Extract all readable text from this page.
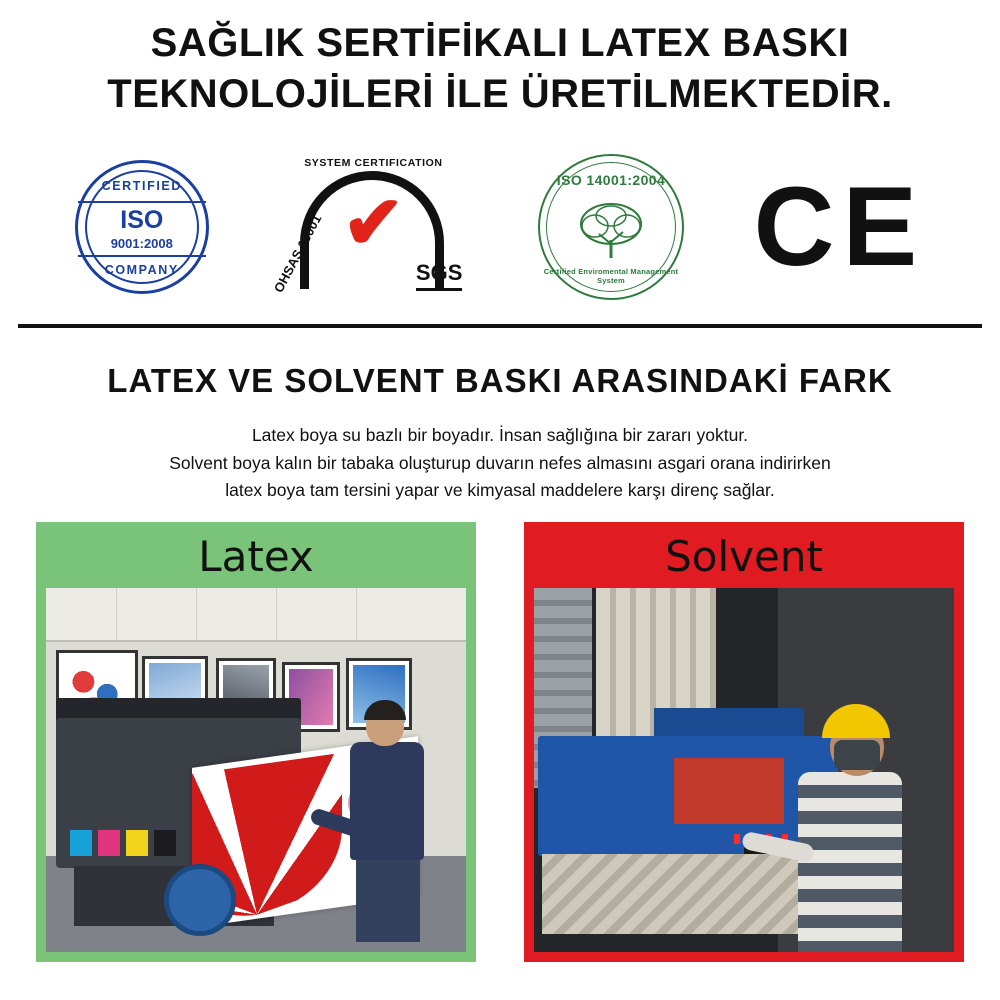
SAĞLIK SERTİFİKALI LATEX BASKI
TEKNOLOJİLERİ İLE ÜRETİLMEKTEDİR.
CERTIFIED
ISO
9001:2008
COMPANY
SYSTEM CERTIFICATION
✔
OHSAS 18001	SGS
ISO 14001:2004
Certified Enviromental Management System	CE
LATEX VE SOLVENT BASKI ARASINDAKİ FARK
Latex boya su bazlı bir boyadır. İnsan sağlığına bir zararı yoktur.
Solvent boya kalın bir tabaka oluşturup duvarın nefes almasını asgari orana indirirken
latex boya tam tersini yapar ve kimyasal maddelere karşı direnç sağlar.
Latex	Solvent
